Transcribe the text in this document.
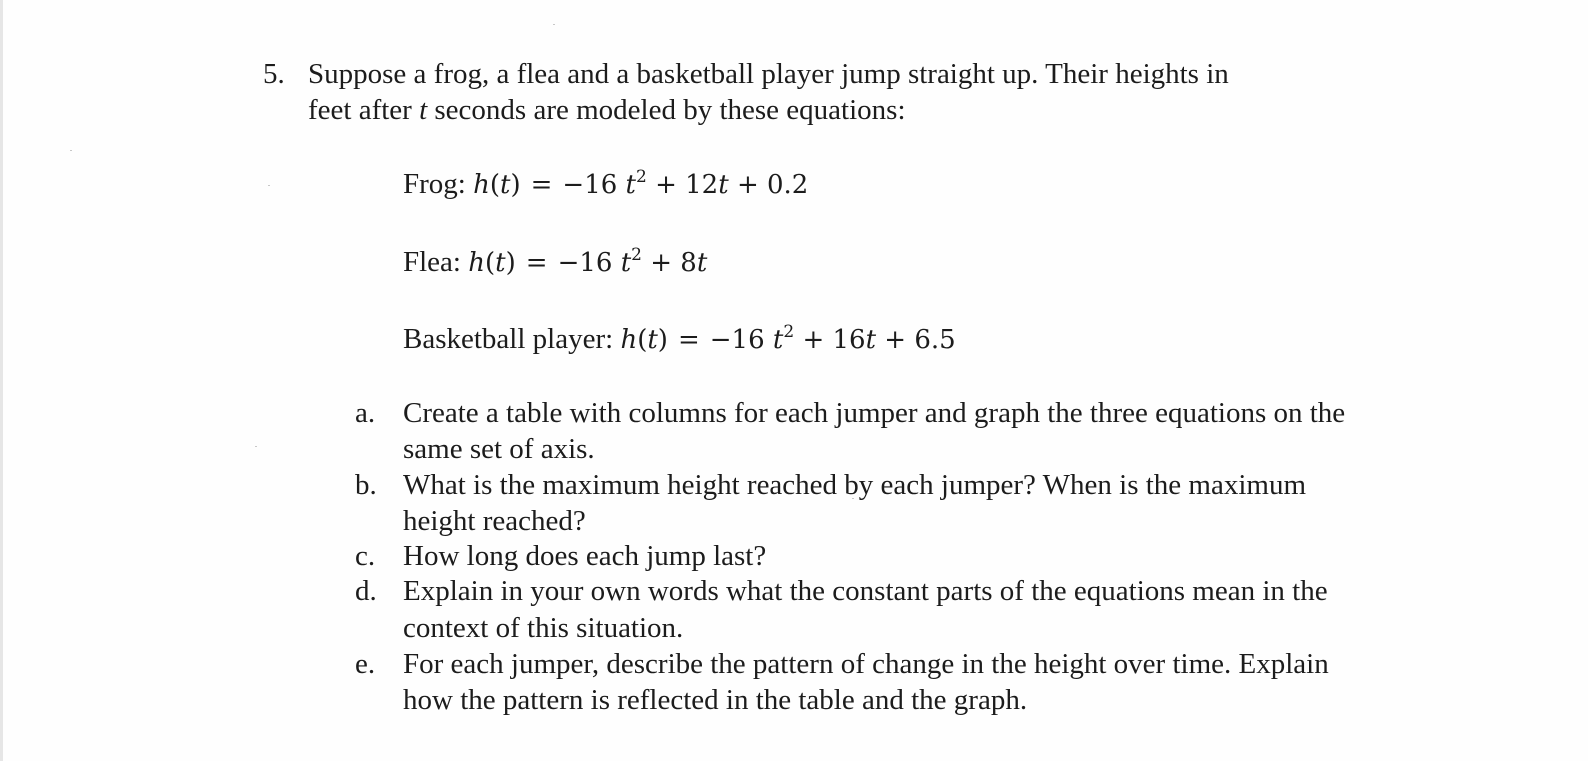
5. Suppose a frog, a flea and a basketball player jump straight up. Their heights in
feet after t seconds are modeled by these equations:
Frog: h(t) = −16 $t^2 + 12t + 0.2$
Flea: h(t) = −16 $t^2 + 8t$
Basketball player: h(t) = −16 $t^2 + 16t + 6.5$
a. Create a table with columns for each jumper and graph the three equations on the
same set of axis.
b. What is the maximum height reached by each jumper? When is the maximum
height reached?
c. How long does each jump last?
d. Explain in your own words what the constant parts of the equations mean in the
context of this situation.
e. For each jumper, describe the pattern of change in the height over time. Explain
how the pattern is reflected in the table and the graph.
